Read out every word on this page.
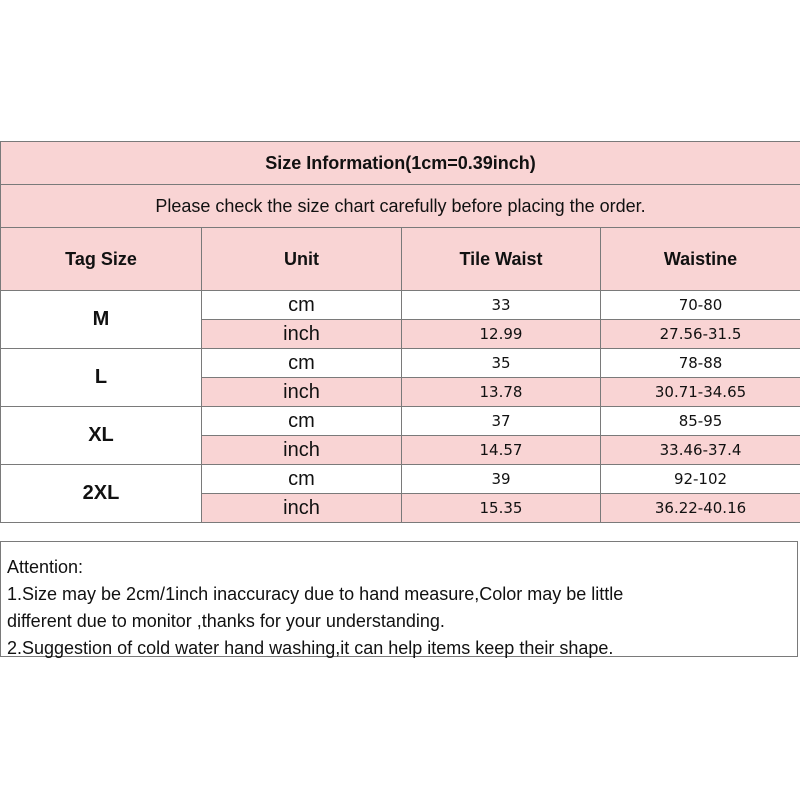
Size Information(1cm=0.39inch)			
Please check the size chart carefully before placing the order.			
Tag Size	Unit	Tile Waist	Waistine
M	cm	33	70-80
	inch	12.99	27.56-31.5
L	cm	35	78-88
	inch	13.78	30.71-34.65
XL	cm	37	85-95
	inch	14.57	33.46-37.4
2XL	cm	39	92-102
	inch	15.35	36.22-40.16
Attention:
1.Size may be 2cm/1inch inaccuracy due to hand measure,Color may be little
different due to monitor ,thanks for your understanding.
2.Suggestion of cold water hand washing,it can help items keep their shape.
